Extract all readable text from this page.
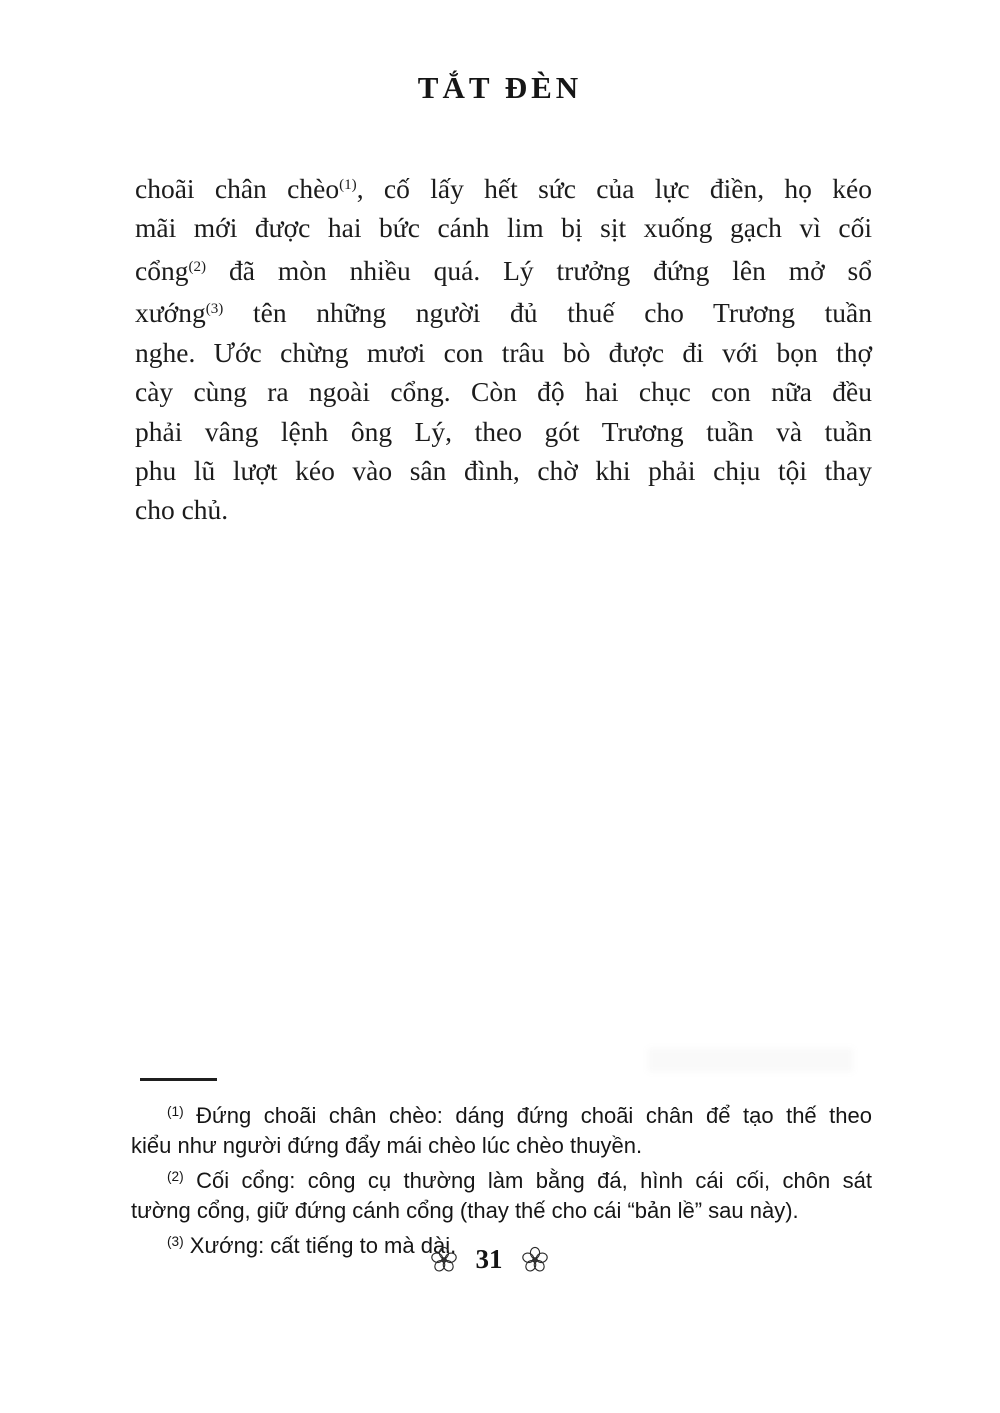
TẮT ĐÈN
choãi chân chèo$^{(1)}$, cố lấy hết sức của lực điền, họ kéo
mãi mới được hai bức cánh lim bị sịt xuống gạch vì cối
cổng$^{(2)}$ đã mòn nhiều quá. Lý trưởng đứng lên mở sổ
xướng$^{(3)}$ tên những người đủ thuế cho Trương tuần
nghe. Ước chừng mươi con trâu bò được đi với bọn thợ
cày cùng ra ngoài cổng. Còn độ hai chục con nữa đều
phải vâng lệnh ông Lý, theo gót Trương tuần và tuần
phu lũ lượt kéo vào sân đình, chờ khi phải chịu tội thay
cho chủ.
$^{(1)}$ Đứng choãi chân chèo: dáng đứng choãi chân để tạo thế theo
kiểu như người đứng đẩy mái chèo lúc chèo thuyền.
$^{(2)}$ Cối cổng: công cụ thường làm bằng đá, hình cái cối, chôn sát
tường cổng, giữ đứng cánh cổng (thay thế cho cái “bản lề” sau này).
$^{(3)}$ Xướng: cất tiếng to mà dài. 31
